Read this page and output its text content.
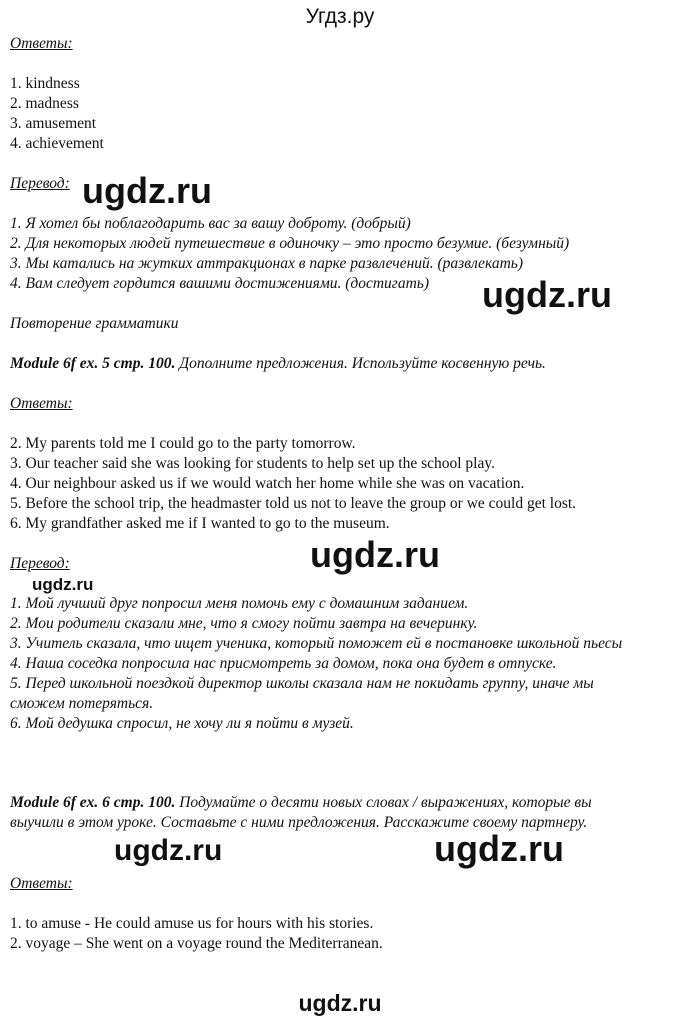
Угдз.ру
Ответы:
1. kindness
2. madness
3. amusement
4. achievement
Перевод:
1. Я хотел бы поблагодарить вас за вашу доброту. (добрый)
2. Для некоторых людей путешествие в одиночку – это просто безумие. (безумный)
3. Мы катались на жутких аттракционах в парке развлечений. (развлекать)
4. Вам следует гордится вашими достижениями. (достигать)
Повторение грамматики
Module 6f ex. 5 стр. 100. Дополните предложения. Используйте косвенную речь.
Ответы:
2. My parents told me I could go to the party tomorrow.
3. Our teacher said she was looking for students to help set up the school play.
4. Our neighbour asked us if we would watch her home while she was on vacation.
5. Before the school trip, the headmaster told us not to leave the group or we could get lost.
6. My grandfather asked me if I wanted to go to the museum.
Перевод:
1. Мой лучший друг попросил меня помочь ему с домашним заданием.
2. Мои родители сказали мне, что я смогу пойти завтра на вечеринку.
3. Учитель сказала, что ищет ученика, который поможет ей в постановке школьной пьесы
4. Наша соседка попросила нас присмотреть за домом, пока она будет в отпуске.
5. Перед школьной поездкой директор школы сказала нам не покидать группу, иначе мы сможем потеряться.
6. Мой дедушка спросил, не хочу ли я пойти в музей.
Module 6f ex. 6 стр. 100. Подумайте о десяти новых словах / выражениях, которые вы выучили в этом уроке. Составьте с ними предложения. Расскажите своему партнеру.
Ответы:
1. to amuse - He could amuse us for hours with his stories.
2. voyage – She went on a voyage round the Mediterranean.
ugdz.ru
ugdz.ru
ugdz.ru
ugdz.ru
ugdz.ru	ugdz.ru
ugdz.ru
